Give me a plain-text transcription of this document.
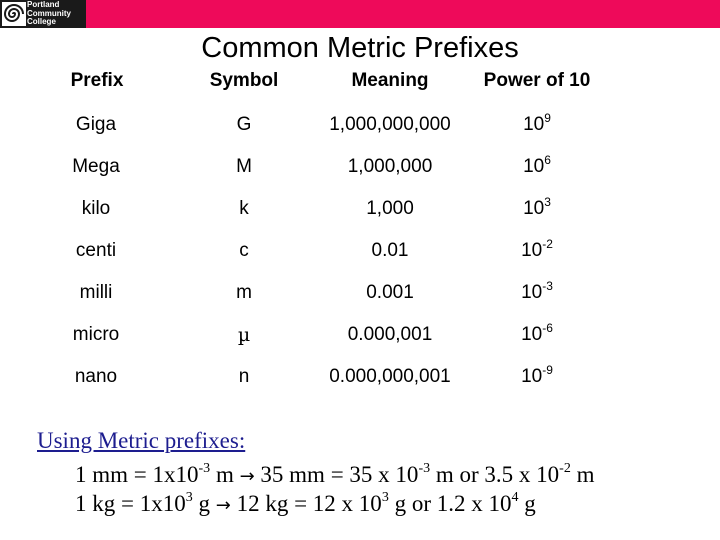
Portland
Community
College
Common Metric Prefixes
Prefix	Symbol	Meaning	Power of 10
Giga	G	1,000,000,000	$10^9$
Mega	M	1,000,000	$10^6$
kilo	k	1,000	$10^3$
centi	c	0.01	$10^{-2}$
milli	m	0.001	$10^{-3}$
micro	µ	0.000,001	$10^{-6}$
nano	n	0.000,000,001	$10^{-9}$
Using Metric prefixes:
1 mm = $1x10^{-3}$ m → 35 mm = 35 x $10^{-3}$ m or 3.5 x $10^{-2}$ m
1 kg = $1x10^3$ g → 12 kg = 12 x $10^3$ g or 1.2 x $10^4$ g
